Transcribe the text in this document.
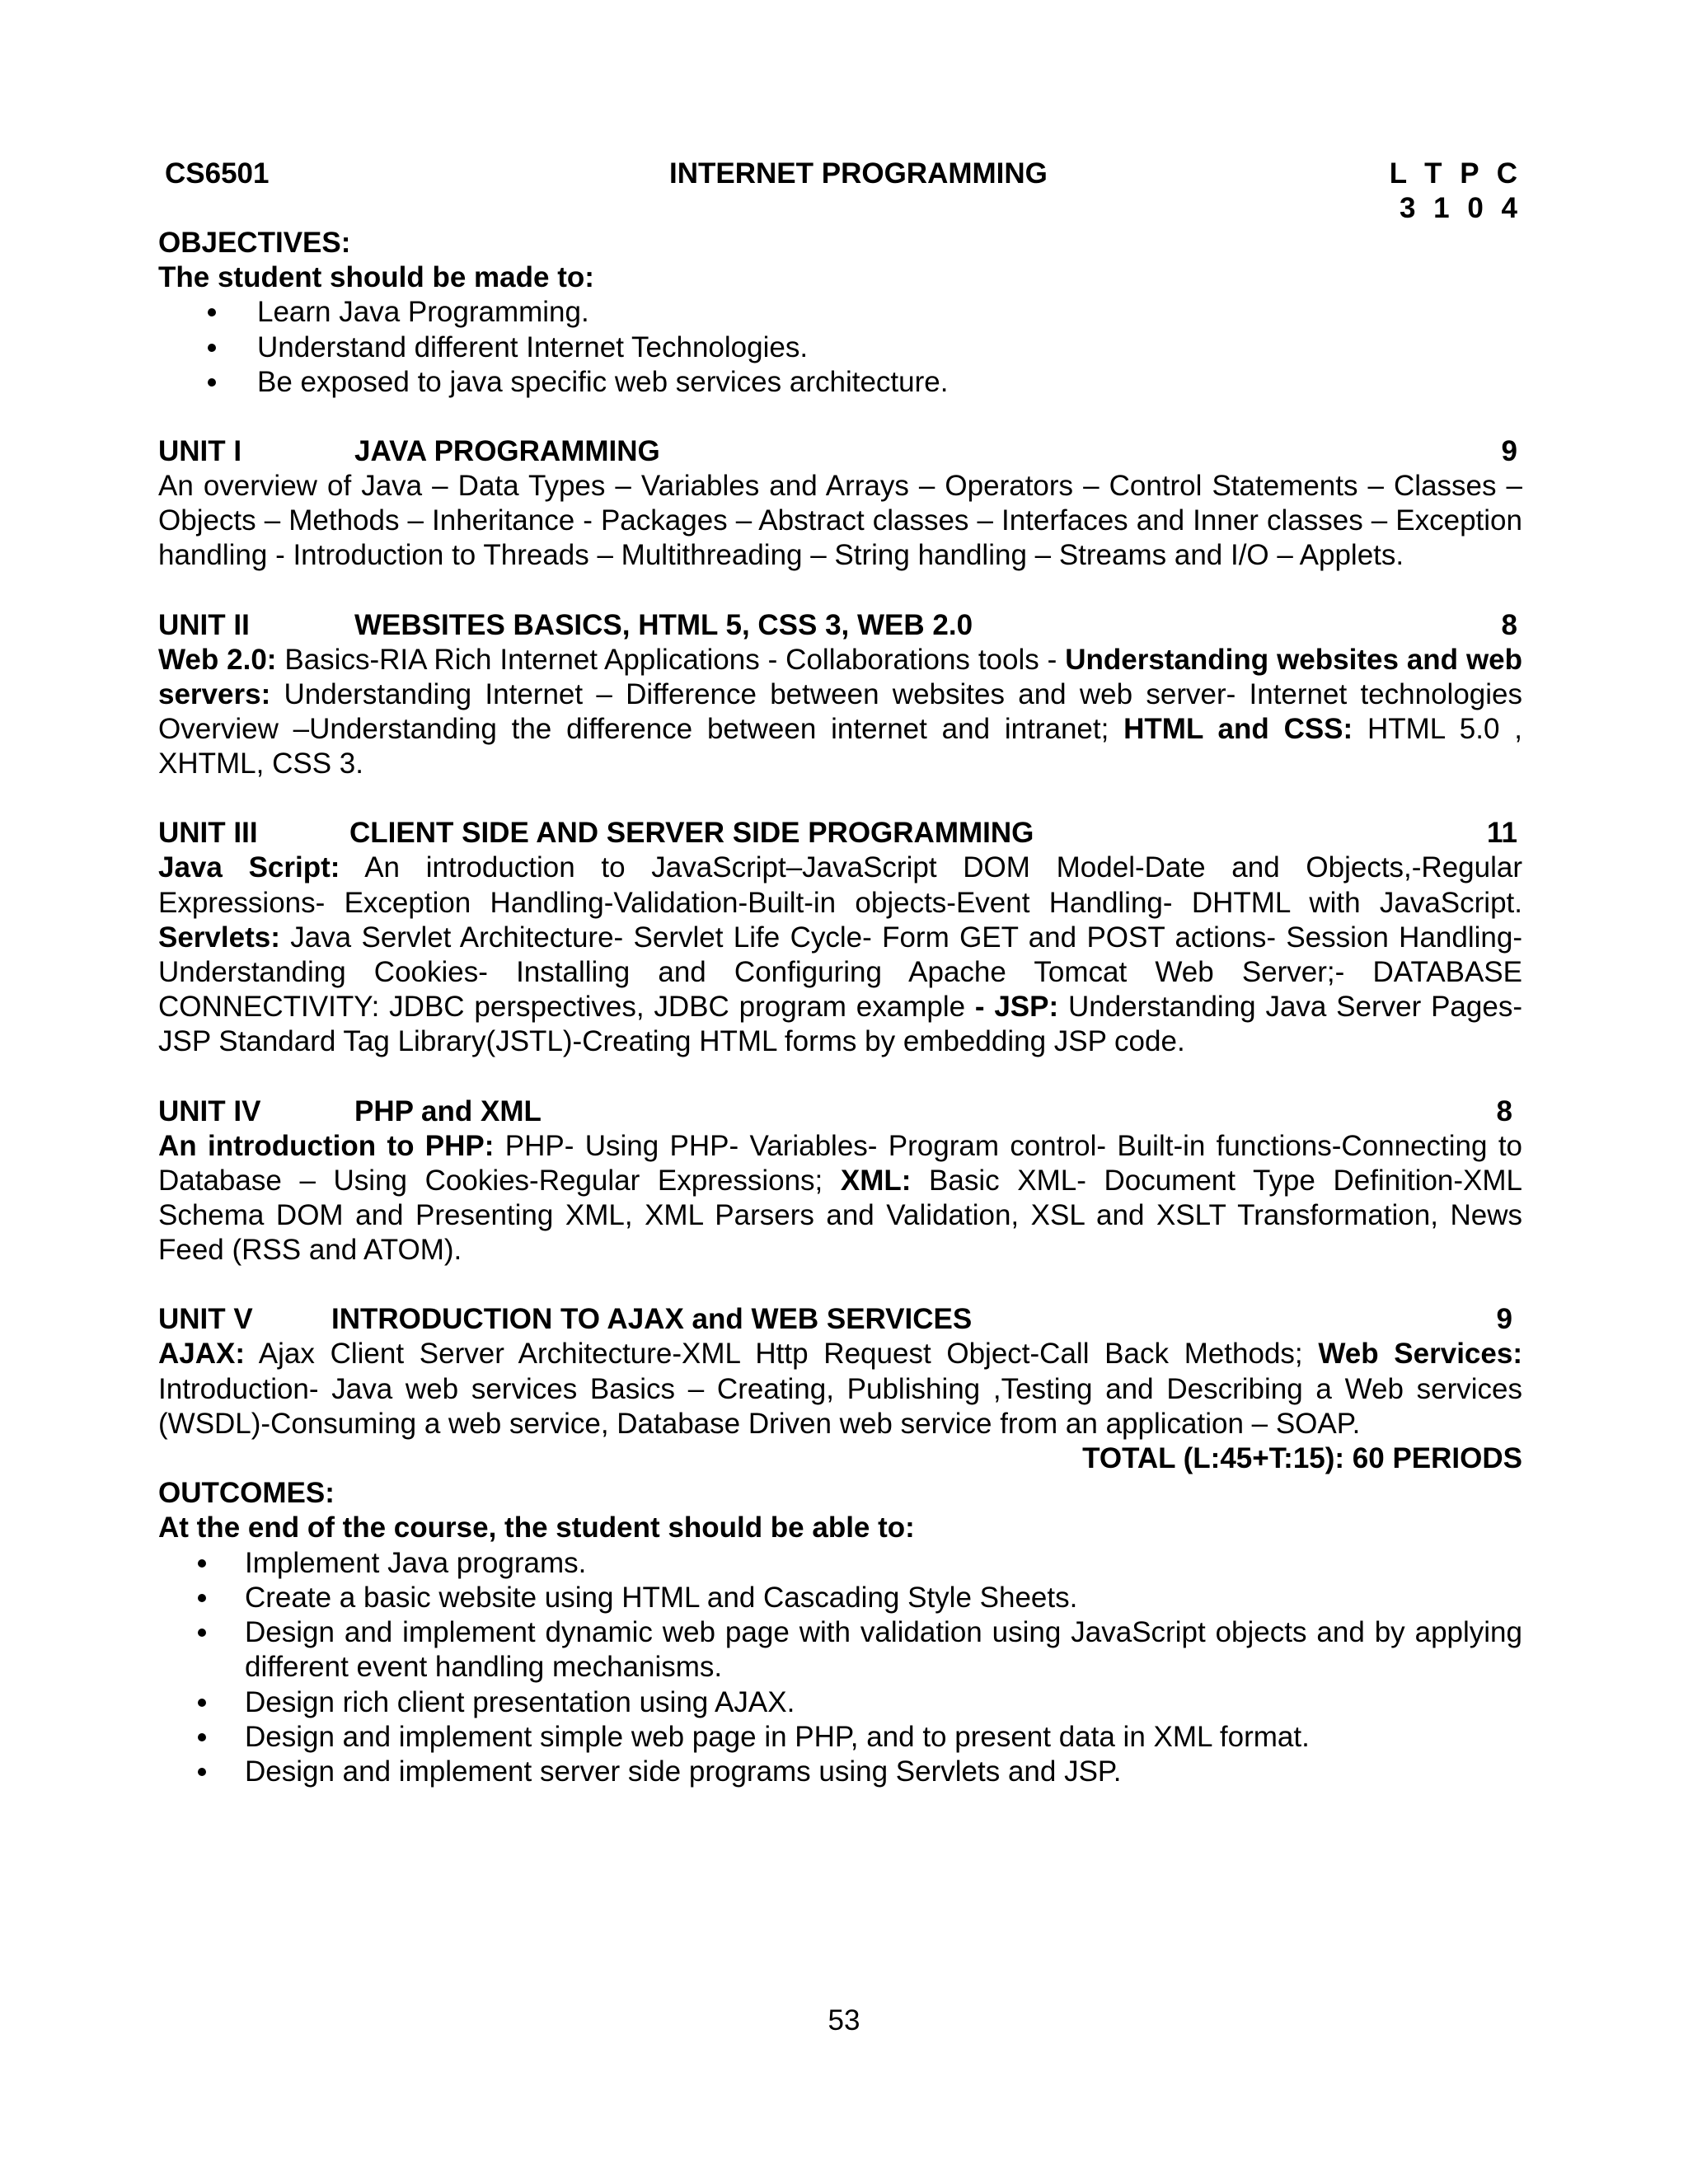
CS6501	INTERNET PROGRAMMING	L T P C
3 1 0 4
OBJECTIVES:
The student should be made to:
Learn Java Programming.
Understand different Internet Technologies.
Be exposed to java specific web services architecture.
UNIT I	JAVA PROGRAMMING	9
An overview of Java – Data Types – Variables and Arrays – Operators – Control Statements – Classes – Objects – Methods – Inheritance - Packages – Abstract classes – Interfaces and Inner classes – Exception handling - Introduction to Threads – Multithreading – String handling – Streams and I/O – Applets.
UNIT II	WEBSITES BASICS, HTML 5, CSS 3, WEB 2.0	8
Web 2.0: Basics-RIA Rich Internet Applications - Collaborations tools - Understanding websites and web servers: Understanding Internet – Difference between websites and web server- Internet technologies Overview –Understanding the difference between internet and intranet; HTML and CSS: HTML 5.0 , XHTML, CSS 3.
UNIT III	CLIENT SIDE AND SERVER SIDE PROGRAMMING	11
Java Script: An introduction to JavaScript–JavaScript DOM Model-Date and Objects,-Regular Expressions- Exception Handling-Validation-Built-in objects-Event Handling- DHTML with JavaScript. Servlets: Java Servlet Architecture- Servlet Life Cycle- Form GET and POST actions- Session Handling- Understanding Cookies- Installing and Configuring Apache Tomcat Web Server;- DATABASE CONNECTIVITY: JDBC perspectives, JDBC program example - JSP: Understanding Java Server Pages-JSP Standard Tag Library(JSTL)-Creating HTML forms by embedding JSP code.
UNIT IV	PHP and XML	8
An introduction to PHP: PHP- Using PHP- Variables- Program control- Built-in functions-Connecting to Database – Using Cookies-Regular Expressions; XML: Basic XML- Document Type Definition-XML Schema DOM and Presenting XML, XML Parsers and Validation, XSL and XSLT Transformation, News Feed (RSS and ATOM).
UNIT V	INTRODUCTION TO AJAX and WEB SERVICES	9
AJAX: Ajax Client Server Architecture-XML Http Request Object-Call Back Methods; Web Services: Introduction- Java web services Basics – Creating, Publishing ,Testing and Describing a Web services (WSDL)-Consuming a web service, Database Driven web service from an application – SOAP.
TOTAL (L:45+T:15): 60 PERIODS
OUTCOMES:
At the end of the course, the student should be able to:
Implement Java programs.
Create a basic website using HTML and Cascading Style Sheets.
Design and implement dynamic web page with validation using JavaScript objects and by applying different event handling mechanisms.
Design rich client presentation using AJAX.
Design and implement simple web page in PHP, and to present data in XML format.
Design and implement server side programs using Servlets and JSP.
53
